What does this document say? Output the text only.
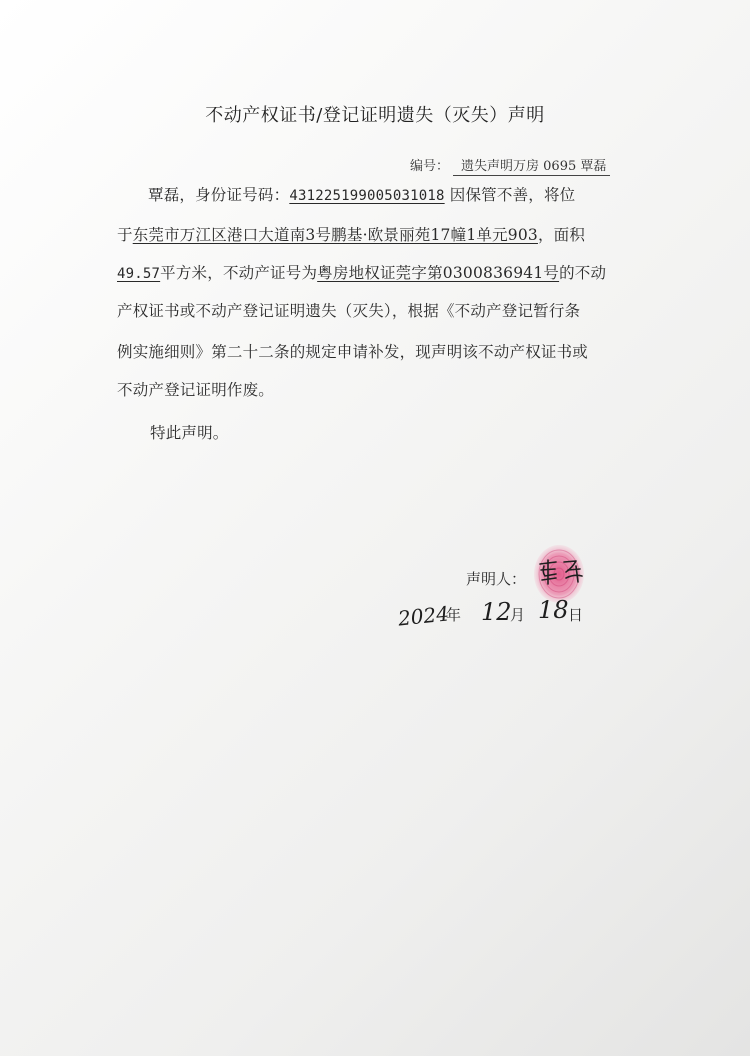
不动产权证书/登记证明遗失（灭失）声明
编号： 遗失声明万房 0695 覃磊
覃磊，身份证号码：431225199005031018 因保管不善，将位
于东莞市万江区港口大道南3号鹏基·欧景丽苑17幢1单元903，面积
49.57平方米，不动产证号为粤房地权证莞字第0300836941号的不动
产权证书或不动产登记证明遗失（灭失），根据《不动产登记暂行条
例实施细则》第二十二条的规定申请补发，现声明该不动产权证书或
不动产登记证明作废。
特此声明。
声明人：
2024
年 12
月 18 日
